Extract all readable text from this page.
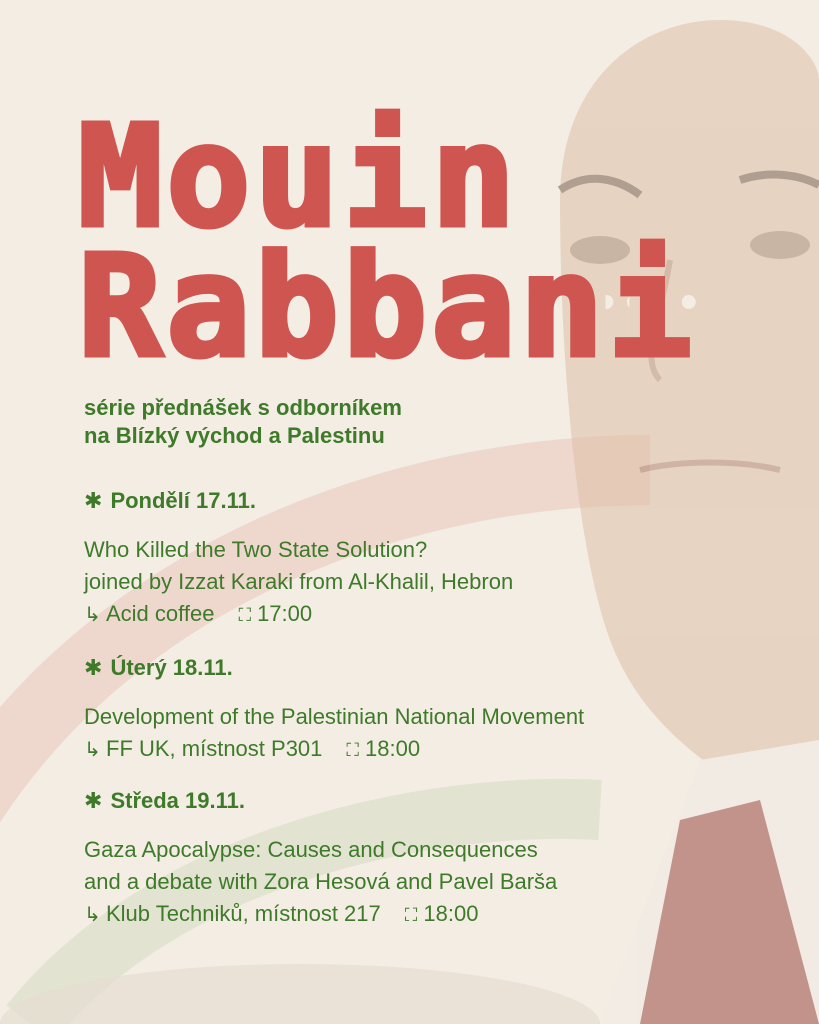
Mouin
Rabbani
série přednášek s odborníkem
na Blízký východ a Palestinu
✱ Pondělí 17.11.
Who Killed the Two State Solution?
joined by Izzat Karaki from Al-Khalil, Hebron
↳ Acid coffee ⛶ 17:00
✱ Úterý 18.11.
Development of the Palestinian National Movement
↳ FF UK, místnost P301 ⛶ 18:00
✱ Středa 19.11.
Gaza Apocalypse: Causes and Consequences
and a debate with Zora Hesová and Pavel Barša
↳ Klub Techniků, místnost 217 ⛶ 18:00
